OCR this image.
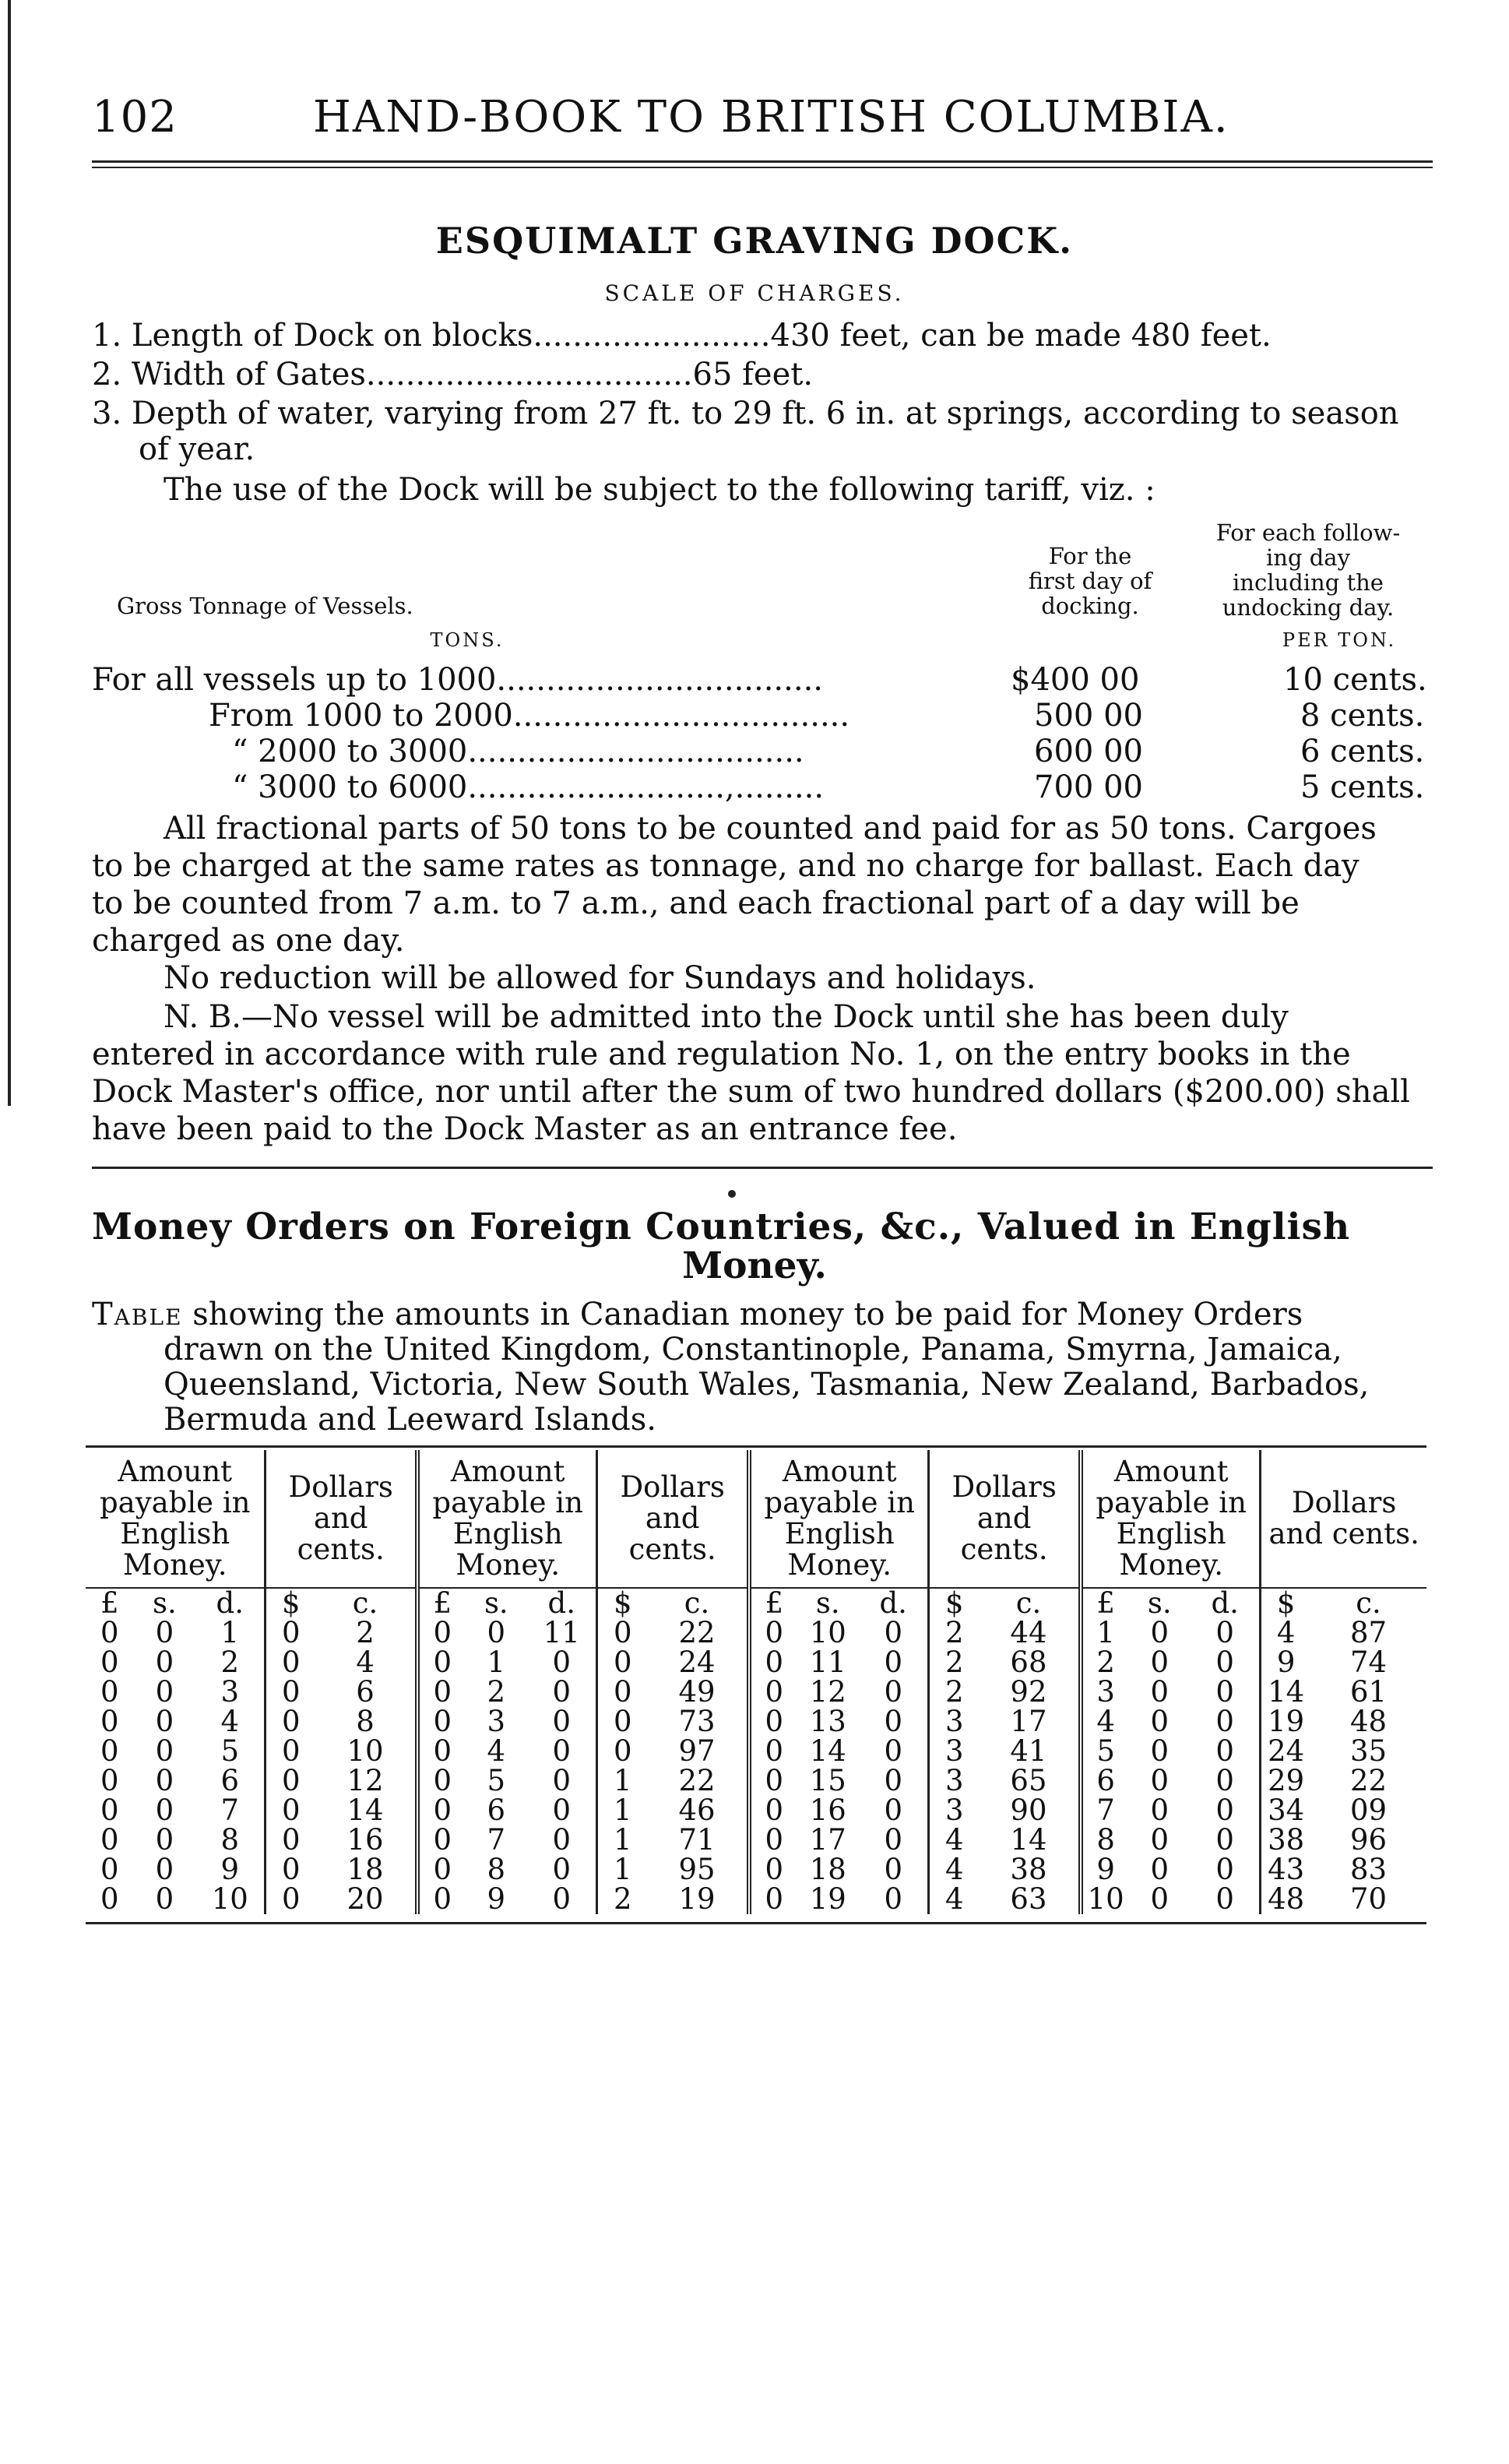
102	HAND-BOOK TO BRITISH COLUMBIA.
ESQUIMALT GRAVING DOCK.
SCALE OF CHARGES.
1. Length of Dock on blocks........................430 feet, can be made 480 feet.
2. Width of Gates.................................65 feet.
3. Depth of water, varying from 27 ft. to 29 ft. 6 in. at springs, according to season
of year.
The use of the Dock will be subject to the following tariff, viz. :
For the
first day of
docking.
For each follow-
ing day
including the
undocking day.
Gross Tonnage of Vessels.
TONS.	PER TON.
For all vessels up to 1000.................................	$400 00	10 cents.
From 1000 to 2000..................................	500 00	8 cents.
“ 2000 to 3000..................................	600 00	6 cents.
“ 3000 to 6000..........................,.........	700 00	5 cents.
All fractional parts of 50 tons to be counted and paid for as 50 tons. Cargoes
to be charged at the same rates as tonnage, and no charge for ballast. Each day
to be counted from 7 a.m. to 7 a.m., and each fractional part of a day will be
charged as one day.
No reduction will be allowed for Sundays and holidays.
N. B.—No vessel will be admitted into the Dock until she has been duly
entered in accordance with rule and regulation No. 1, on the entry books in the
Dock Master's office, nor until after the sum of two hundred dollars ($200.00) shall
have been paid to the Dock Master as an entrance fee.
Money Orders on Foreign Countries, &c., Valued in English
Money.
Table showing the amounts in Canadian money to be paid for Money Orders
drawn on the United Kingdom, Constantinople, Panama, Smyrna, Jamaica,
Queensland, Victoria, New South Wales, Tasmania, New Zealand, Barbados,
Bermuda and Leeward Islands.
Amount payable in English Money.			Dollars and cents.		Amount payable in English Money.			Dollars and cents.		Amount payable in English Money.			Dollars and cents.		Amount payable in English Money.			Dollars and cents.	
£	s.	d.	$	c.	£	s.	d.	$	c.	£	s.	d.	$	c.	£	s.	d.	$	c.
0	0	1	0	2	0	0	11	0	22	0	10	0	2	44	1	0	0	4	87
0	0	2	0	4	0	1	0	0	24	0	11	0	2	68	2	0	0	9	74
0	0	3	0	6	0	2	0	0	49	0	12	0	2	92	3	0	0	14	61
0	0	4	0	8	0	3	0	0	73	0	13	0	3	17	4	0	0	19	48
0	0	5	0	10	0	4	0	0	97	0	14	0	3	41	5	0	0	24	35
0	0	6	0	12	0	5	0	1	22	0	15	0	3	65	6	0	0	29	22
0	0	7	0	14	0	6	0	1	46	0	16	0	3	90	7	0	0	34	09
0	0	8	0	16	0	7	0	1	71	0	17	0	4	14	8	0	0	38	96
0	0	9	0	18	0	8	0	1	95	0	18	0	4	38	9	0	0	43	83
0	0	10	0	20	0	9	0	2	19	0	19	0	4	63	10	0	0	48	70
